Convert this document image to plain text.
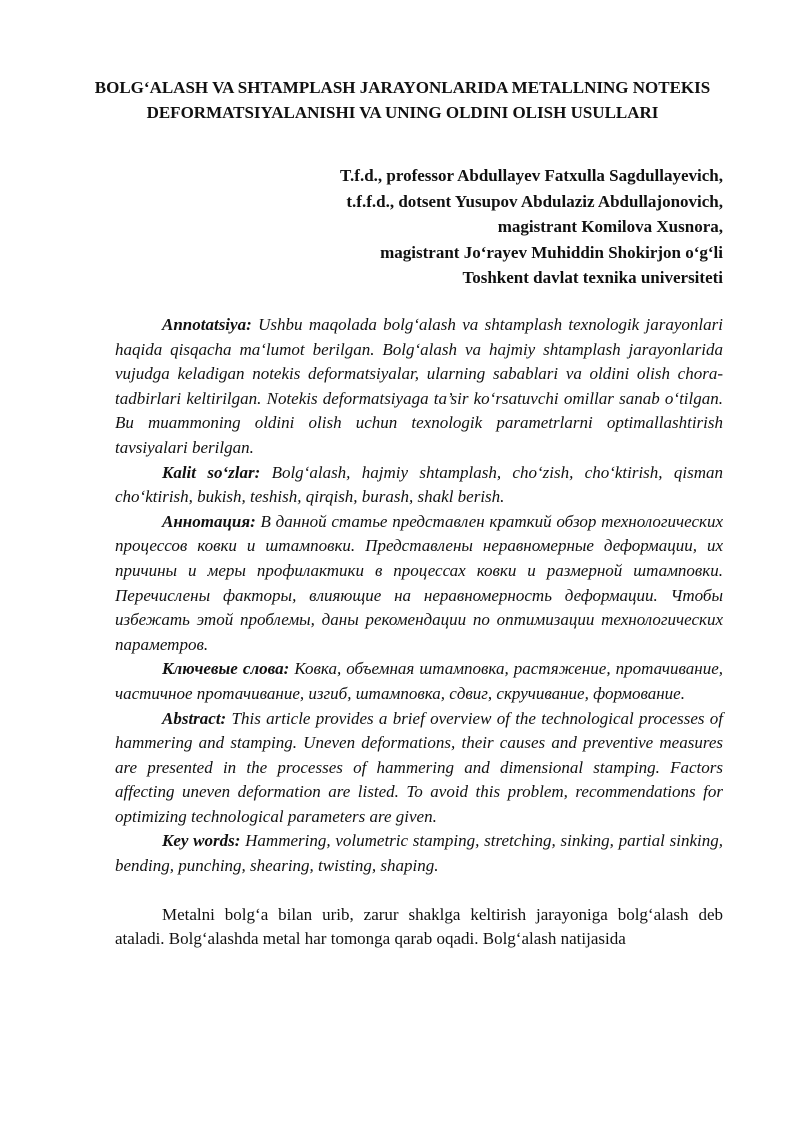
BOLG‘ALASH VA SHTAMPLASH JARAYONLARIDA METALLNING NOTEKIS DEFORMATSIYALANISHI VA UNING OLDINI OLISH USULLARI
T.f.d., professor Abdullayev Fatxulla Sagdullayevich,
t.f.f.d., dotsent Yusupov Abdulaziz Abdullajonovich,
magistrant Komilova Xusnora,
magistrant Jo‘rayev Muhiddin Shokirjon o‘g‘li
Toshkent davlat texnika universiteti

Annotatsiya: Ushbu maqolada bolg‘alash va shtamplash texnologik jarayonlari haqida qisqacha ma‘lumot berilgan. Bolg‘alash va hajmiy shtamplash jarayonlarida vujudga keladigan notekis deformatsiyalar, ularning sabablari va oldini olish chora-tadbirlari keltirilgan. Notekis deformatsiyaga ta’sir ko‘rsatuvchi omillar sanab o‘tilgan. Bu muammoning oldini olish uchun texnologik parametrlarni optimallashtirish tavsiyalari berilgan.

Kalit so‘zlar: Bolg‘alash, hajmiy shtamplash, cho‘zish, cho‘ktirish, qisman cho‘ktirish, bukish, teshish, qirqish, burash, shakl berish.

Аннотация: В данной статье представлен краткий обзор технологических процессов ковки и штамповки. Представлены неравномерные деформации, их причины и меры профилактики в процессах ковки и размерной штамповки. Перечислены факторы, влияющие на неравномерность деформации. Чтобы избежать этой проблемы, даны рекомендации по оптимизации технологических параметров.

Ключевые слова: Ковка, объемная штамповка, растяжение, протачивание, частичное протачивание, изгиб, штамповка, сдвиг, скручивание, формование.

Abstract: This article provides a brief overview of the technological processes of hammering and stamping. Uneven deformations, their causes and preventive measures are presented in the processes of hammering and dimensional stamping. Factors affecting uneven deformation are listed. To avoid this problem, recommendations for optimizing technological parameters are given.

Key words: Hammering, volumetric stamping, stretching, sinking, partial sinking, bending, punching, shearing, twisting, shaping.

Metalni bolg‘a bilan urib, zarur shaklga keltirish jarayoniga bolg‘alash deb ataladi. Bolg‘alashda metal har tomonga qarab oqadi. Bolg‘alash natijasida
